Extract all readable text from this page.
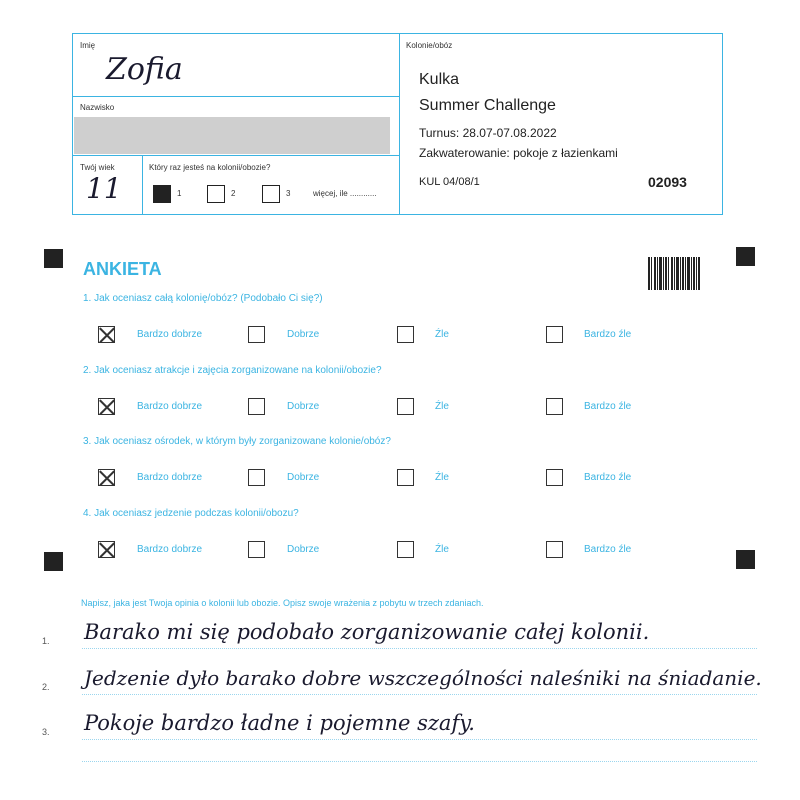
Imię
Zofia
Nazwisko
Twój wiek
11
Który raz jesteś na kolonii/obozie?
1	2	3	więcej, ile ............
Kolonie/obóz
Kulka
Summer Challenge
Turnus: 28.07-07.08.2022
Zakwaterowanie: pokoje z łazienkami
KUL 04/08/1	02093
ANKIETA
1. Jak oceniasz całą kolonię/obóz? (Podobało Ci się?)
Bardzo dobrze	Dobrze	Źle	Bardzo źle
2. Jak oceniasz atrakcje i zajęcia zorganizowane na kolonii/obozie?
Bardzo dobrze	Dobrze	Źle	Bardzo źle
3. Jak oceniasz ośrodek, w którym były zorganizowane kolonie/obóz?
Bardzo dobrze	Dobrze	Źle	Bardzo źle
4. Jak oceniasz jedzenie podczas kolonii/obozu?
Bardzo dobrze	Dobrze	Źle	Bardzo źle
Napisz, jaka jest Twoja opinia o kolonii lub obozie. Opisz swoje wrażenia z pobytu w trzech zdaniach.
1. Barako mi się podobało zorganizowanie całej kolonii.
2. Jedzenie dyło barako dobre wszczególności naleśniki na śniadanie.
3. Pokoje bardzo ładne i pojemne szafy.
